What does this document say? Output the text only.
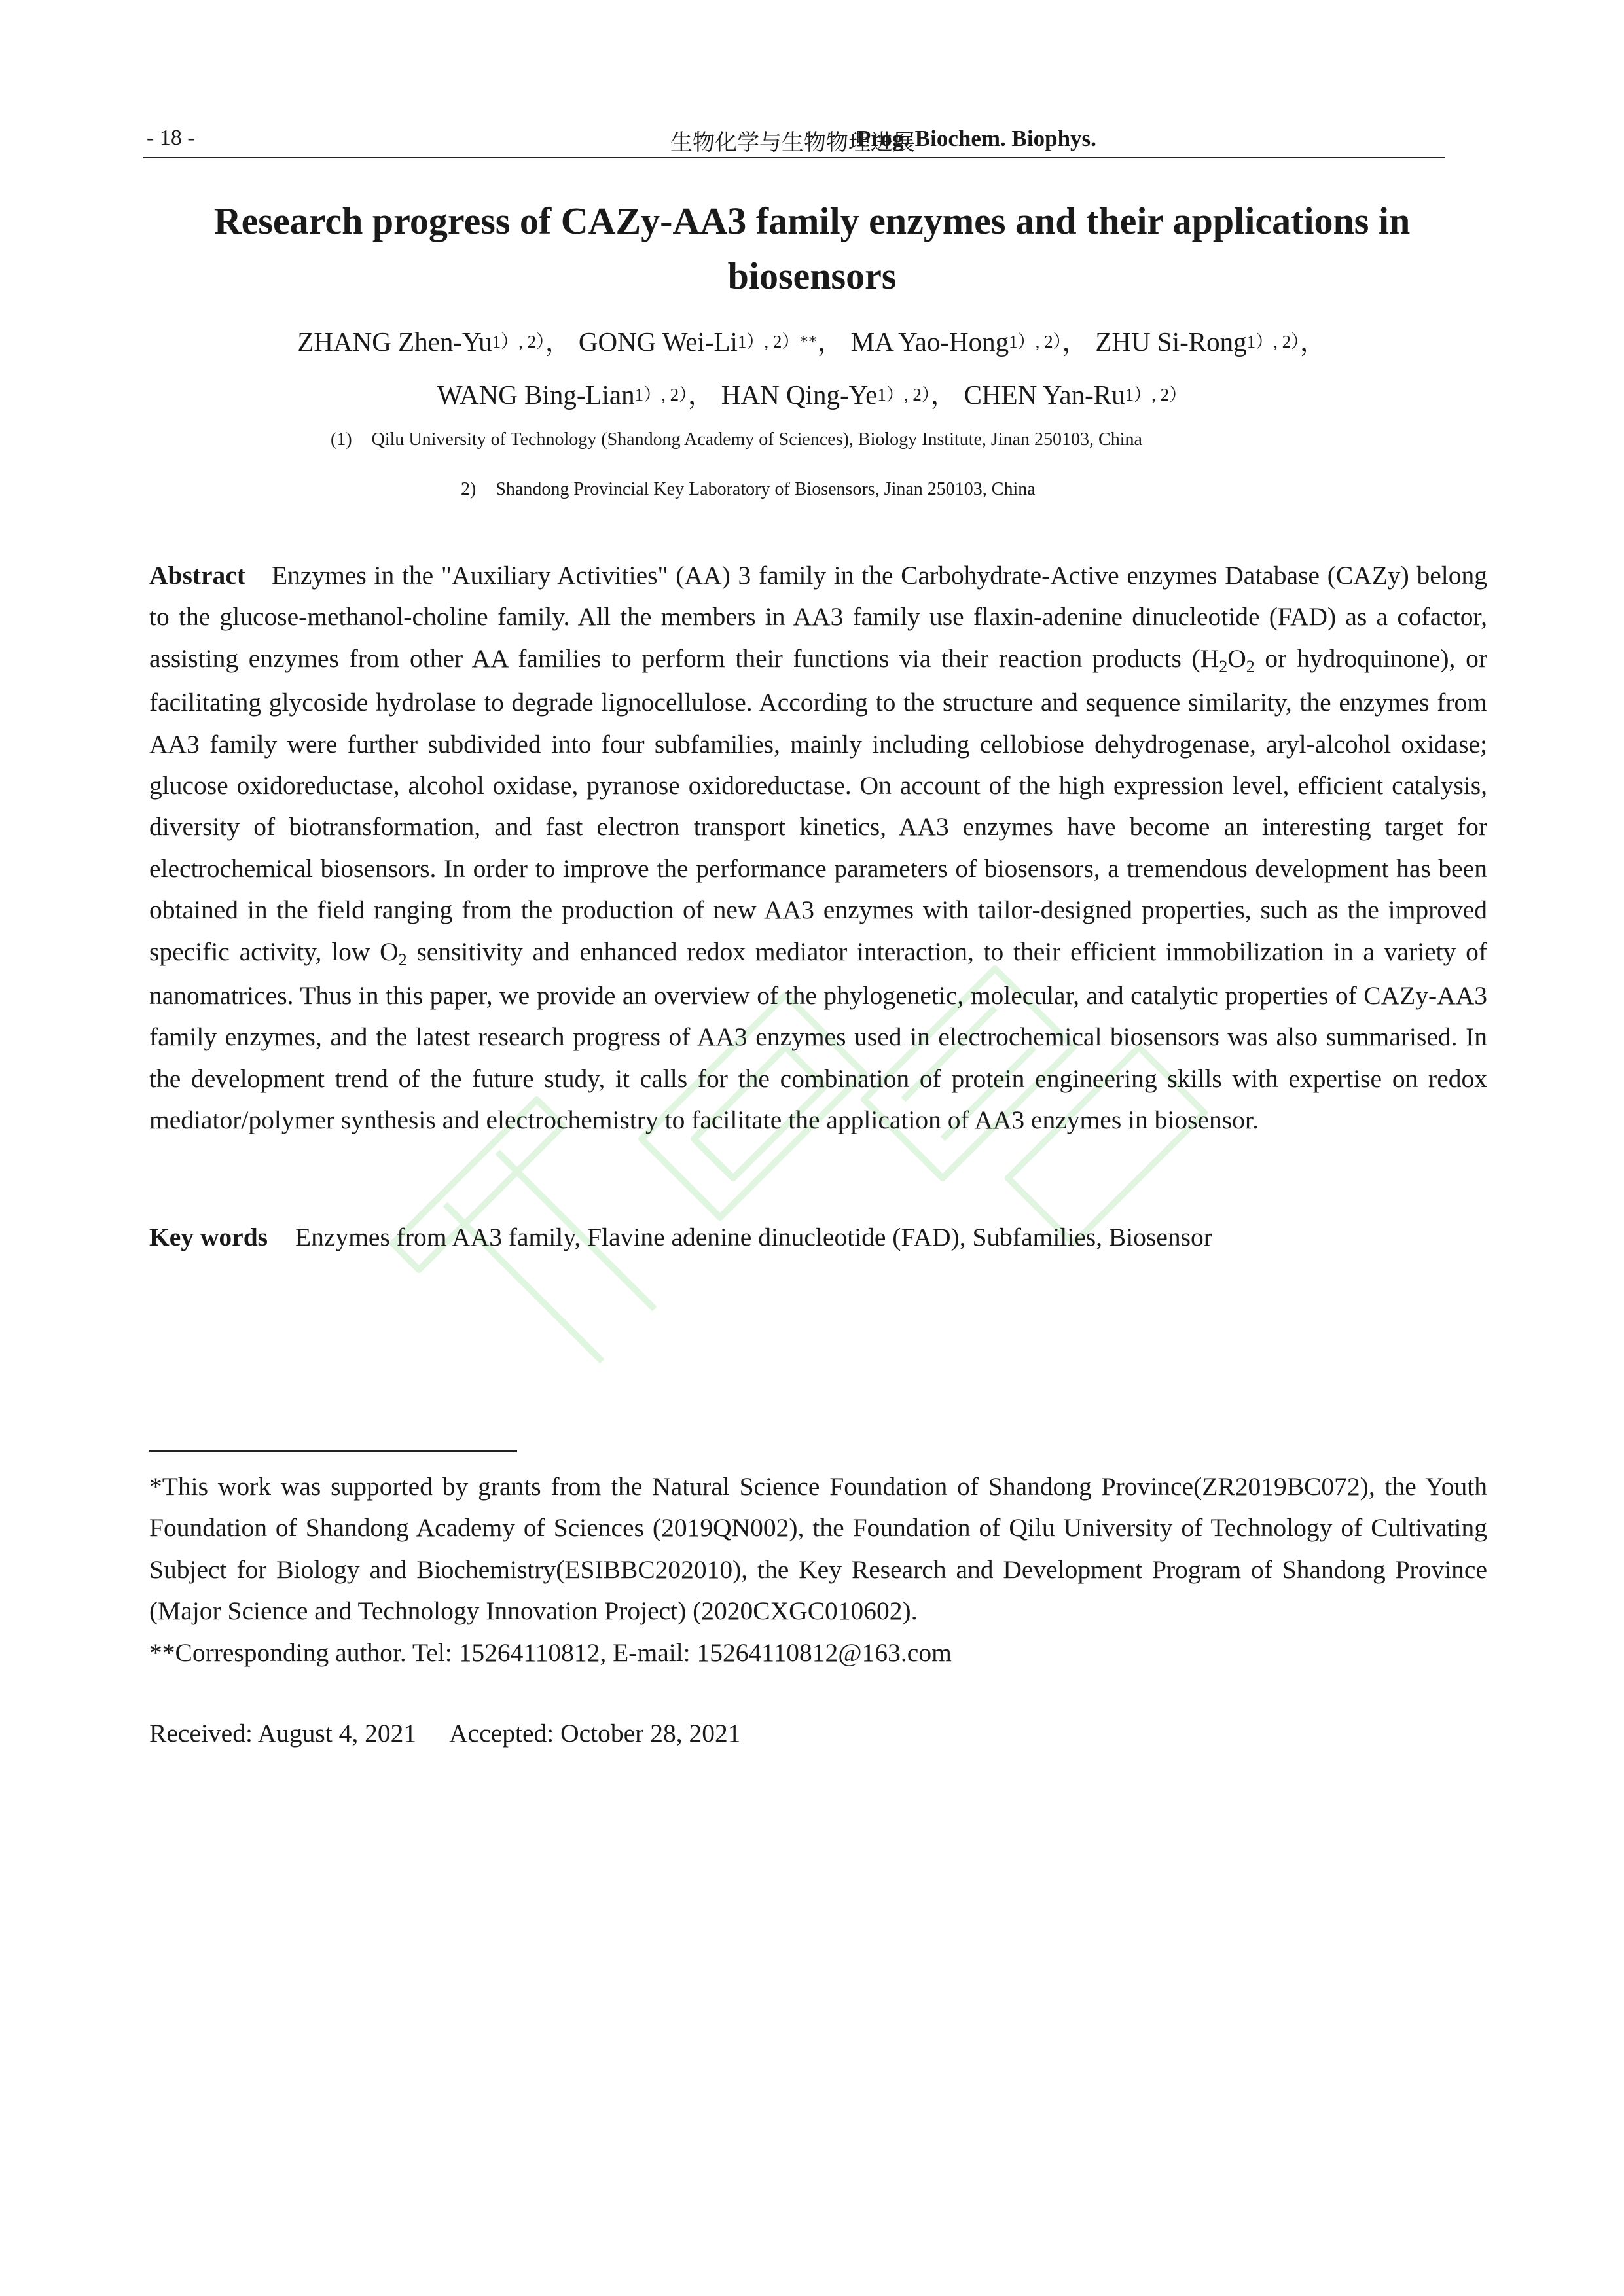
- 18 -	生物化学与生物物理进展
Prog. Biochem. Biophys.
Research progress of CAZy-AA3 family enzymes and their applications in biosensors
ZHANG Zhen-$Yu^{1), 2)}$， GONG Wei-$Li^{1), 2)**}$， MA Yao-Hong$^{1), 2)}$， ZHU Si-Rong$^{1), 2)}$，
WANG Bing-Lian$^{1), 2)}$， HAN Qing-$Ye^{1), 2)}$， CHEN Yan-$Ru^{1), 2)}$
(1) Qilu University of Technology (Shandong Academy of Sciences), Biology Institute, Jinan 250103, China
2) Shandong Provincial Key Laboratory of Biosensors, Jinan 250103, China
Abstract Enzymes in the "Auxiliary Activities" (AA) 3 family in the Carbohydrate-Active enzymes Database (CAZy) belong to the glucose-methanol-choline family. All the members in AA3 family use flaxin-adenine dinucleotide (FAD) as a cofactor, assisting enzymes from other AA families to perform their functions via their reaction products ($H_2O_2$ or hydroquinone), or facilitating glycoside hydrolase to degrade lignocellulose. According to the structure and sequence similarity, the enzymes from AA3 family were further subdivided into four subfamilies, mainly including cellobiose dehydrogenase, aryl-alcohol oxidase; glucose oxidoreductase, alcohol oxidase, pyranose oxidoreductase. On account of the high expression level, efficient catalysis, diversity of biotransformation, and fast electron transport kinetics, AA3 enzymes have become an interesting target for electrochemical biosensors. In order to improve the performance parameters of biosensors, a tremendous development has been obtained in the field ranging from the production of new AA3 enzymes with tailor-designed properties, such as the improved specific activity, low $O_2$ sensitivity and enhanced redox mediator interaction, to their efficient immobilization in a variety of nanomatrices. Thus in this paper, we provide an overview of the phylogenetic, molecular, and catalytic properties of CAZy-AA3 family enzymes, and the latest research progress of AA3 enzymes used in electrochemical biosensors was also summarised. In the development trend of the future study, it calls for the combination of protein engineering skills with expertise on redox mediator/polymer synthesis and electrochemistry to facilitate the application of AA3 enzymes in biosensor.
Key words Enzymes from AA3 family, Flavine adenine dinucleotide (FAD), Subfamilies, Biosensor

*This work was supported by grants from the Natural Science Foundation of Shandong Province(ZR2019BC072), the Youth Foundation of Shandong Academy of Sciences (2019QN002), the Foundation of Qilu University of Technology of Cultivating Subject for Biology and Biochemistry(ESIBBC202010), the Key Research and Development Program of Shandong Province (Major Science and Technology Innovation Project) (2020CXGC010602).

**Corresponding author. Tel: 15264110812, E-mail: 15264110812@163.com

Received: August 4, 2021 Accepted: October 28, 2021
